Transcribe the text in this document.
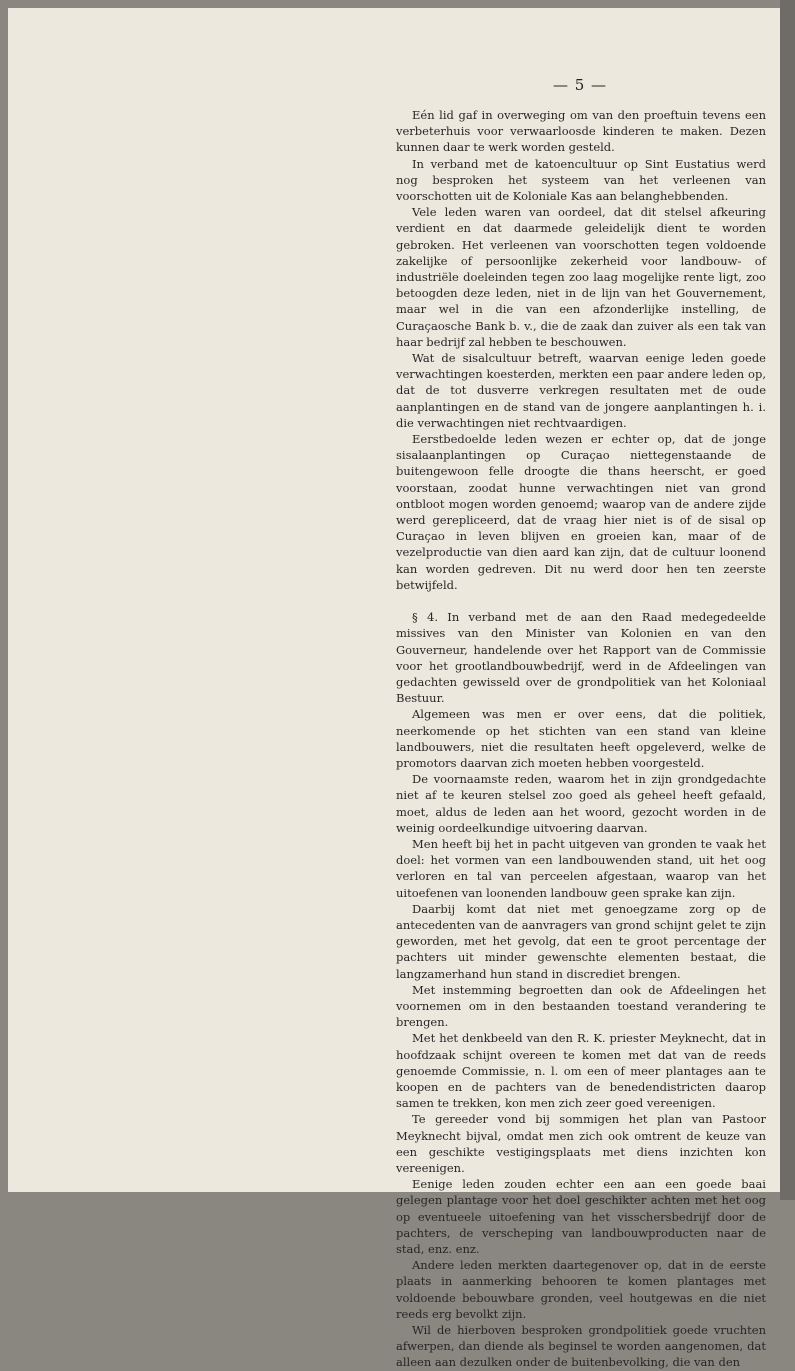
— 5 —

Eén lid gaf in overweging om van den proeftuin tevens een verbeterhuis voor verwaarloosde kinderen te maken. Dezen kunnen daar te werk worden gesteld.

In verband met de katoencultuur op Sint Eustatius werd nog besproken het systeem van het verleenen van voorschotten uit de Koloniale Kas aan belanghebbenden.

Vele leden waren van oordeel, dat dit stelsel afkeuring verdient en dat daarmede geleidelijk dient te worden gebroken. Het verleenen van voorschotten tegen voldoende zakelijke of persoonlijke zekerheid voor landbouw- of industriële doeleinden tegen zoo laag mogelijke rente ligt, zoo betoogden deze leden, niet in de lijn van het Gouvernement, maar wel in die van een afzonderlijke instelling, de Curaçaosche Bank b. v., die de zaak dan zuiver als een tak van haar bedrijf zal hebben te beschouwen.

Wat de sisalcultuur betreft, waarvan eenige leden goede verwachtingen koesterden, merkten een paar andere leden op, dat de tot dusverre verkregen resultaten met de oude aanplantingen en de stand van de jongere aanplantingen h. i. die verwachtingen niet rechtvaardigen.

Eerstbedoelde leden wezen er echter op, dat de jonge sisalaanplantingen op Curaçao niettegenstaande de buitengewoon felle droogte die thans heerscht, er goed voorstaan, zoodat hunne verwachtingen niet van grond ontbloot mogen worden genoemd; waarop van de andere zijde werd gerepliceerd, dat de vraag hier niet is of de sisal op Curaçao in leven blijven en groeien kan, maar of de vezelproductie van dien aard kan zijn, dat de cultuur loonend kan worden gedreven. Dit nu werd door hen ten zeerste betwijfeld.

§ 4. In verband met de aan den Raad medegedeelde missives van den Minister van Kolonien en van den Gouverneur, handelende over het Rapport van de Commissie voor het grootlandbouwbedrijf, werd in de Afdeelingen van gedachten gewisseld over de grondpolitiek van het Koloniaal Bestuur.

Algemeen was men er over eens, dat die politiek, neerkomende op het stichten van een stand van kleine landbouwers, niet die resultaten heeft opgeleverd, welke de promotors daarvan zich moeten hebben voorgesteld.

De voornaamste reden, waarom het in zijn grondgedachte niet af te keuren stelsel zoo goed als geheel heeft gefaald, moet, aldus de leden aan het woord, gezocht worden in de weinig oordeelkundige uitvoering daarvan.

Men heeft bij het in pacht uitgeven van gronden te vaak het doel: het vormen van een landbouwenden stand, uit het oog verloren en tal van perceelen afgestaan, waarop van het uitoefenen van loonenden landbouw geen sprake kan zijn.

Daarbij komt dat niet met genoegzame zorg op de antecedenten van de aanvragers van grond schijnt gelet te zijn geworden, met het gevolg, dat een te groot percentage der pachters uit minder gewenschte elementen bestaat, die langzamerhand hun stand in discrediet brengen.

Met instemming begroetten dan ook de Afdeelingen het voornemen om in den bestaanden toestand verandering te brengen.

Met het denkbeeld van den R. K. priester Meyknecht, dat in hoofdzaak schijnt overeen te komen met dat van de reeds genoemde Commissie, n. l. om een of meer plantages aan te koopen en de pachters van de benedendistricten daarop samen te trekken, kon men zich zeer goed vereenigen.

Te gereeder vond bij sommigen het plan van Pastoor Meyknecht bijval, omdat men zich ook omtrent de keuze van een geschikte vestigingsplaats met diens inzichten kon vereenigen.

Eenige leden zouden echter een aan een goede baai gelegen plantage voor het doel geschikter achten met het oog op eventueele uitoefening van het visschersbedrijf door de pachters, de verscheping van landbouwproducten naar de stad, enz. enz.

Andere leden merkten daartegenover op, dat in de eerste plaats in aanmerking behooren te komen plantages met voldoende bebouwbare gronden, veel houtgewas en die niet reeds erg bevolkt zijn.

Wil de hierboven besproken grondpolitiek goede vruchten afwerpen, dan diende als beginsel te worden aangenomen, dat alleen aan dezulken onder de buitenbevolking, die van den
